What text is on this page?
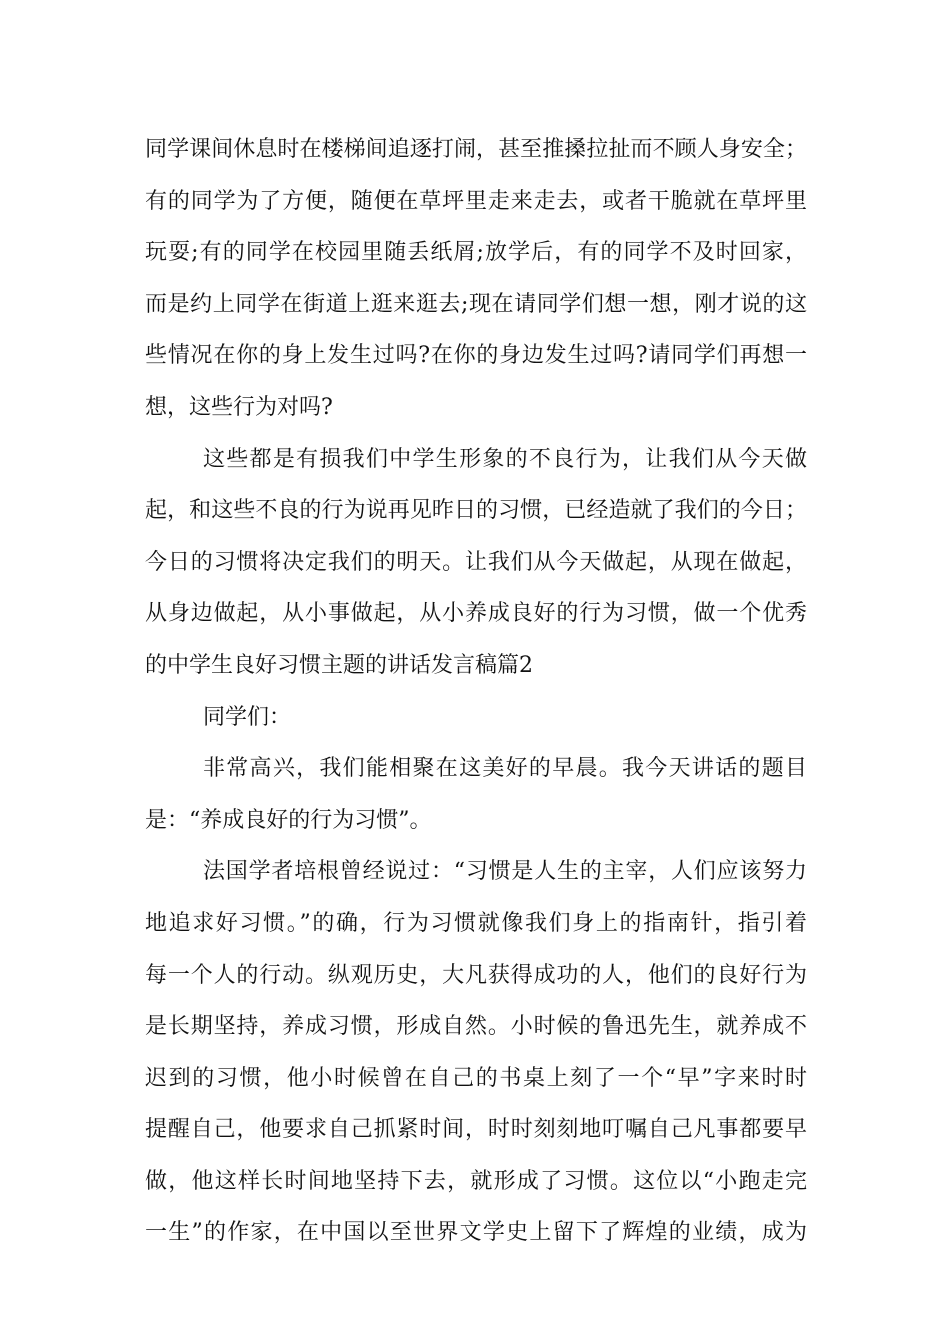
同学课间休息时在楼梯间追逐打闹，甚至推搡拉扯而不顾人身安全；
有的同学为了方便，随便在草坪里走来走去，或者干脆就在草坪里
玩耍;有的同学在校园里随丢纸屑;放学后，有的同学不及时回家，
而是约上同学在街道上逛来逛去;现在请同学们想一想，刚才说的这
些情况在你的身上发生过吗?在你的身边发生过吗?请同学们再想一
想，这些行为对吗?
这些都是有损我们中学生形象的不良行为，让我们从今天做
起，和这些不良的行为说再见昨日的习惯，已经造就了我们的今日；
今日的习惯将决定我们的明天。让我们从今天做起，从现在做起，
从身边做起，从小事做起，从小养成良好的行为习惯，做一个优秀
的中学生良好习惯主题的讲话发言稿篇2
同学们：
非常高兴，我们能相聚在这美好的早晨。我今天讲话的题目
是：“养成良好的行为习惯”。
法国学者培根曾经说过：“习惯是人生的主宰，人们应该努力
地追求好习惯。”的确，行为习惯就像我们身上的指南针，指引着
每一个人的行动。纵观历史，大凡获得成功的人，他们的良好行为
是长期坚持，养成习惯，形成自然。小时候的鲁迅先生，就养成不
迟到的习惯，他小时候曾在自己的书桌上刻了一个“早”字来时时
提醒自己，他要求自己抓紧时间，时时刻刻地叮嘱自己凡事都要早
做，他这样长时间地坚持下去，就形成了习惯。这位以“小跑走完
一生”的作家，在中国以至世界文学史上留下了辉煌的业绩，成为
